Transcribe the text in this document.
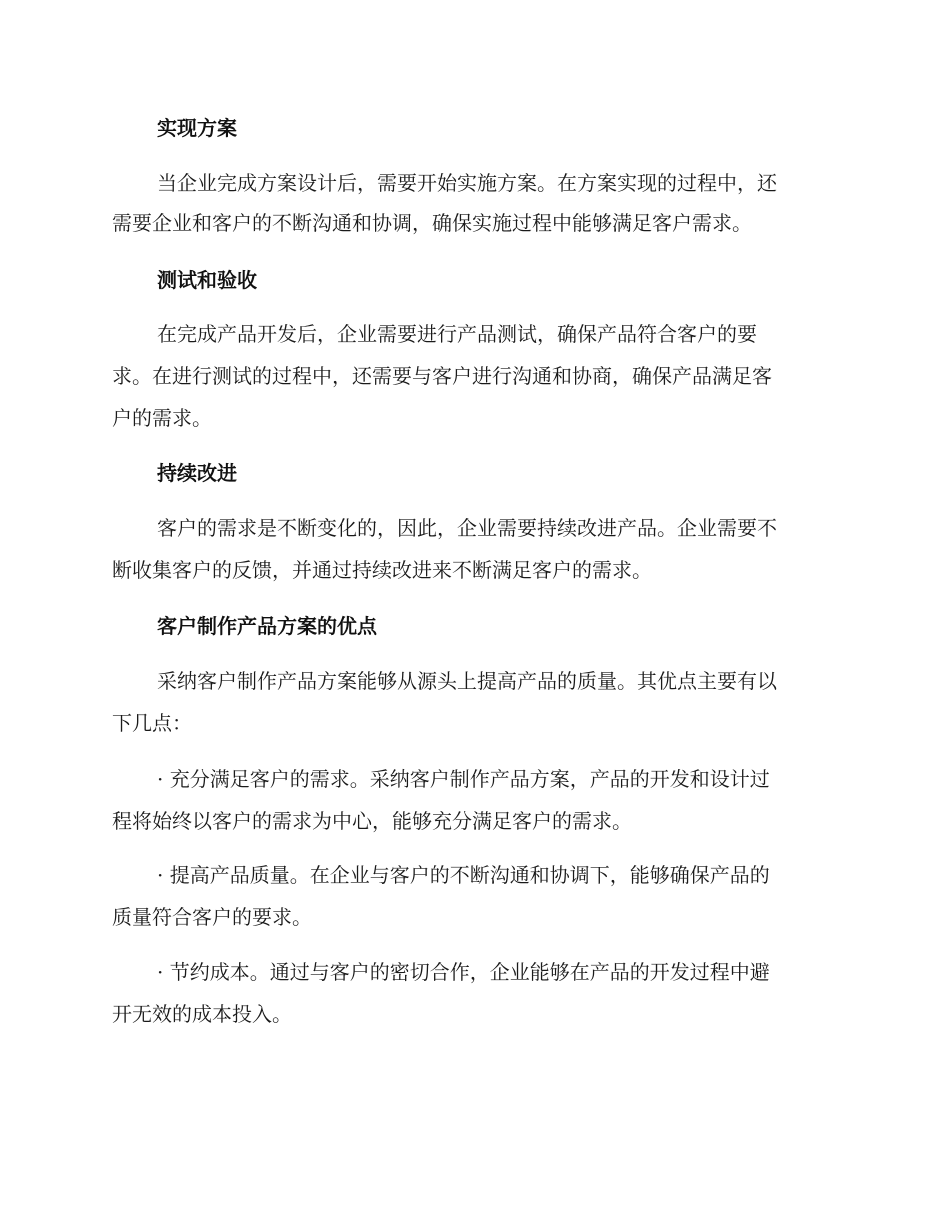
实现方案
当企业完成方案设计后，需要开始实施方案。在方案实现的过程中，还
需要企业和客户的不断沟通和协调，确保实施过程中能够满足客户需求。
测试和验收
在完成产品开发后，企业需要进行产品测试，确保产品符合客户的要
求。在进行测试的过程中，还需要与客户进行沟通和协商，确保产品满足客
户的需求。
持续改进
客户的需求是不断变化的，因此，企业需要持续改进产品。企业需要不
断收集客户的反馈，并通过持续改进来不断满足客户的需求。
客户制作产品方案的优点
采纳客户制作产品方案能够从源头上提高产品的质量。其优点主要有以
下几点：
· 充分满足客户的需求。采纳客户制作产品方案，产品的开发和设计过
程将始终以客户的需求为中心，能够充分满足客户的需求。
· 提高产品质量。在企业与客户的不断沟通和协调下，能够确保产品的
质量符合客户的要求。
· 节约成本。通过与客户的密切合作，企业能够在产品的开发过程中避
开无效的成本投入。
